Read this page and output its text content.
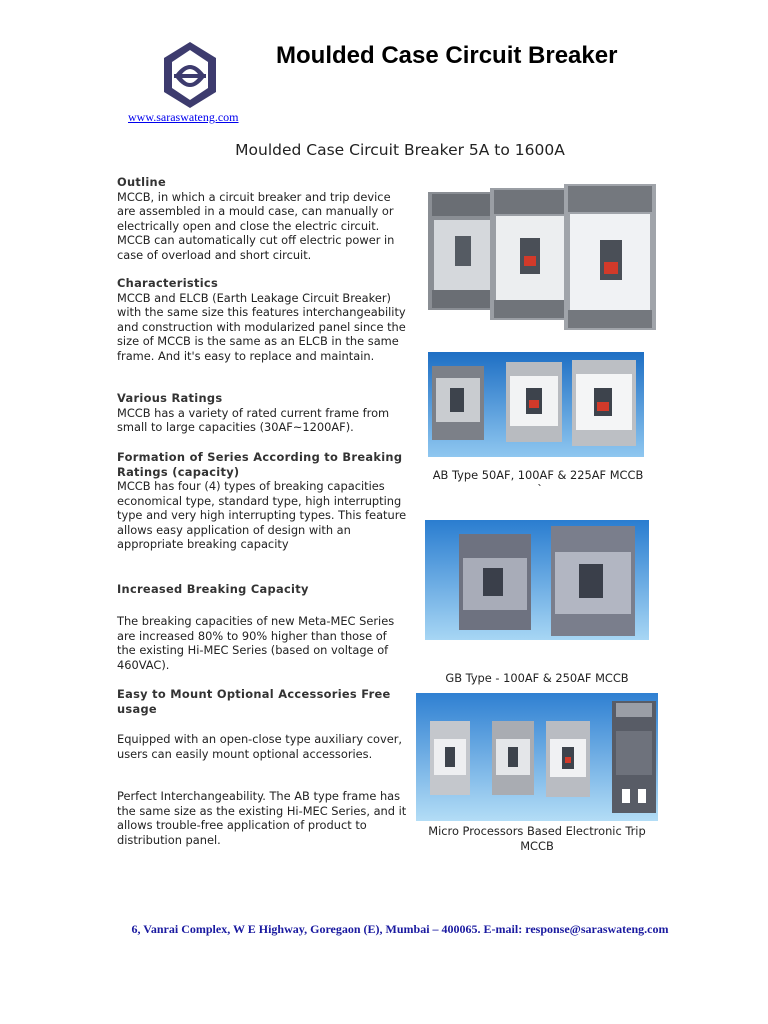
Moulded Case Circuit Breaker
www.saraswateng.com
Moulded Case Circuit Breaker 5A to 1600A
Outline

MCCB, in which a circuit breaker and trip device are assembled in a mould case, can manually or electrically open and close the electric circuit. MCCB can automatically cut off electric power in case of overload and short circuit.

Characteristics

MCCB and ELCB (Earth Leakage Circuit Breaker) with the same size this features interchangeability and construction with modularized panel since the size of MCCB is the same as an ELCB in the same frame. And it's easy to replace and maintain.

Various Ratings

MCCB has a variety of rated current frame from small to large capacities (30AF~1200AF).

Formation of Series According to Breaking Ratings (capacity)

MCCB has four (4) types of breaking capacities economical type, standard type, high interrupting type and very high interrupting types. This feature allows easy application of design with an appropriate breaking capacity

Increased Breaking Capacity

The breaking capacities of new Meta-MEC Series are increased 80% to 90% higher than those of the existing Hi-MEC Series (based on voltage of 460VAC).

Easy to Mount Optional Accessories Free usage

Equipped with an open-close type auxiliary cover, users can easily mount optional accessories.

Perfect Interchangeability. The AB type frame has the same size as the existing Hi-MEC Series, and it allows trouble-free application of product to distribution panel.

AB Type 50AF, 100AF & 225AF MCCB
`
GB Type - 100AF & 250AF MCCB
Micro Processors Based Electronic Trip MCCB
6, Vanrai Complex, W E Highway, Goregaon (E), Mumbai – 400065. E-mail: response@saraswateng.com
